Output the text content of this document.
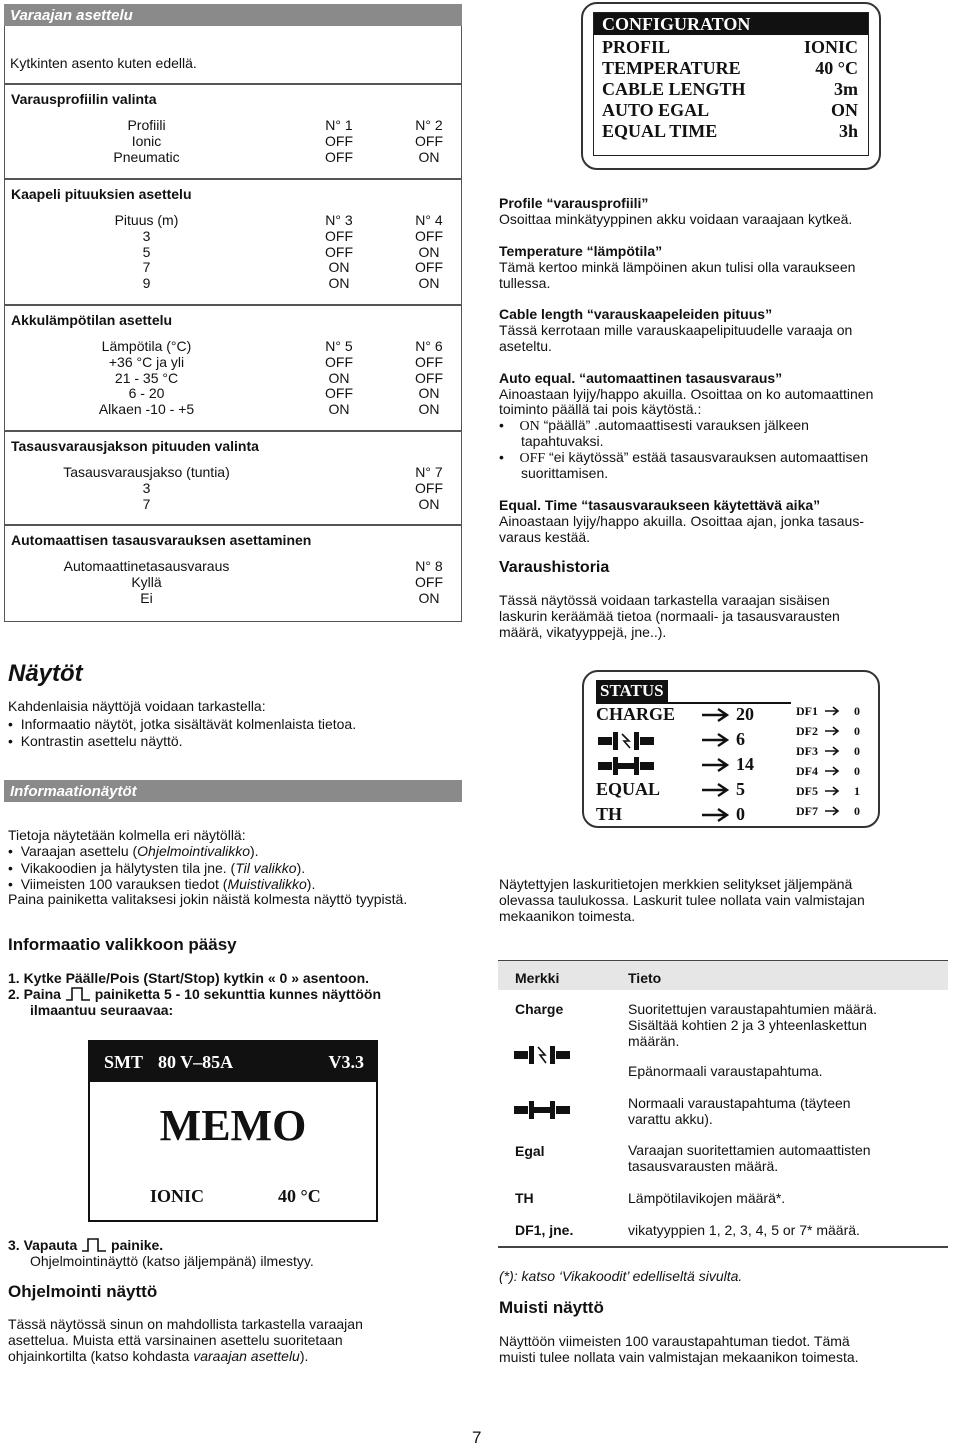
Varaajan asettelu
Kytkinten asento kuten edellä.
Varausprofiilin valinta
Profiili	N° 1	N° 2
Ionic	OFF	OFF
Pneumatic	OFF	ON
Kaapeli pituuksien asettelu
Pituus (m)	N° 3	N° 4
3	OFF	OFF
5	OFF	ON
7	ON	OFF
9	ON	ON
Akkulämpötilan asettelu
Lämpötila (°C)	N° 5	N° 6
+36 °C ja yli	OFF	OFF
21 - 35 °C	ON	OFF
6 - 20	OFF	ON
Alkaen -10 - +5	ON	ON
Tasausvarausjakson pituuden valinta
Tasausvarausjakso (tuntia)	N° 7
3	OFF
7	ON
Automaattisen tasausvarauksen asettaminen
Automaattinetasausvaraus	N° 8
Kyllä	OFF
Ei	ON
Näytöt
Kahdenlaisia näyttöjä voidaan tarkastella:
•  Informaatio näytöt, jotka sisältävät kolmenlaista tietoa.
•  Kontrastin asettelu näyttö.
Informaationäytöt
Tietoja näytetään kolmella eri näytöllä:
•  Varaajan asettelu (Ohjelmointivalikko).
•  Vikakoodien ja hälytysten tila jne. (Til valikko).
•  Viimeisten 100 varauksen tiedot (Muistivalikko).
Paina painiketta valitaksesi jokin näistä kolmesta näyttö tyypistä.
Informaatio valikkoon pääsy
1. Kytke Päälle/Pois (Start/Stop) kytkin « 0 » asentoon.
2. Paina painiketta 5 - 10 sekunttia kunnes näyttöön
ilmaantuu seuraavaa:
SMT 80 V–85A	V3.3
MEMO
IONIC	40 °C
3. Vapauta painike.
Ohjelmointinäyttö (katso jäljempänä) ilmestyy.
Ohjelmointi näyttö
Tässä näytössä sinun on mahdollista tarkastella varaajan
asettelua. Muista että varsinainen asettelu suoritetaan
ohjainkortilta (katso kohdasta varaajan asettelu).
CONFIGURATON
PROFIL	IONIC
TEMPERATURE	40 °C
CABLE LENGTH	3m
AUTO EGAL	ON
EQUAL TIME	3h
Profile “varausprofiili”
Osoittaa minkätyyppinen akku voidaan varaajaan kytkeä.
Temperature “lämpötila”
Tämä kertoo minkä lämpöinen akun tulisi olla varaukseen
tullessa.
Cable length “varauskaapeleiden pituus”
Tässä kerrotaan mille varauskaapelipituudelle varaaja on
aseteltu.
Auto equal. “automaattinen tasausvaraus”
Ainoastaan lyijy/happo akuilla. Osoittaa on ko automaattinen
toiminto päällä tai pois käytöstä.:
•    ON “päällä” .automaattisesti varauksen jälkeen
tapahtuvaksi.
•    OFF “ei käytössä” estää tasausvarauksen automaattisen
suorittamisen.
Equal. Time “tasausvaraukseen käytettävä aika”
Ainoastaan lyijy/happo akuilla. Osoittaa ajan, jonka tasaus-
varaus kestää.
Varaushistoria
Tässä näytössä voidaan tarkastella varaajan sisäisen
laskurin keräämää tietoa (normaali- ja tasausvarausten
määrä, vikatyyppejä, jne..).
STATUS
CHARGE	20
6
14
EQUAL	5
TH	0
DF1	0
DF2	0
DF3	0
DF4	0
DF5	1
DF7	0
Näytettyjen laskuritietojen merkkien selitykset jäljempänä
olevassa taulukossa. Laskurit tulee nollata vain valmistajan
mekaanikon toimesta.
Merkki	Tieto
Charge	Suoritettujen varaustapahtumien määrä.
Sisältää kohtien 2 ja 3 yhteenlaskettun
määrän.
Epänormaali varaustapahtuma.
Normaali varaustapahtuma (täyteen
varattu akku).
Egal	Varaajan suoritettamien automaattisten
tasausvarausten määrä.
TH	Lämpötilavikojen määrä*.
DF1, jne.	vikatyyppien 1, 2, 3, 4, 5 or 7* määrä.
(*): katso ‘Vikakoodit’ edelliseltä sivulta.
Muisti näyttö
Näyttöön viimeisten 100 varaustapahtuman tiedot. Tämä
muisti tulee nollata vain valmistajan mekaanikon toimesta.
7
